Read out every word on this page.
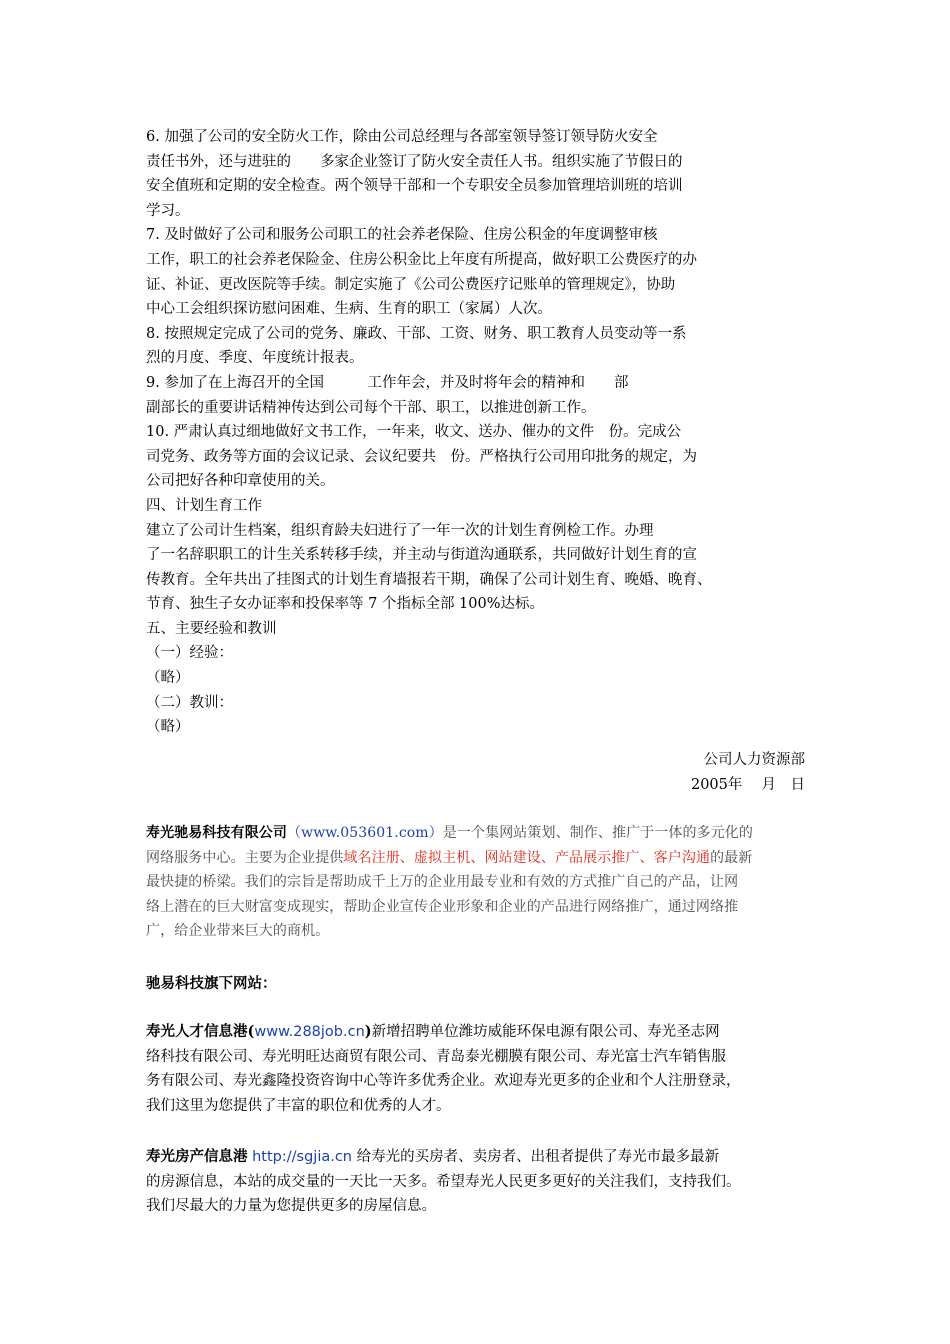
6. 加强了公司的安全防火工作，除由公司总经理与各部室领导签订领导防火安全
责任书外，还与进驻的　　多家企业签订了防火安全责任人书。组织实施了节假日的
安全值班和定期的安全检查。两个领导干部和一个专职安全员参加管理培训班的培训
学习。
7. 及时做好了公司和服务公司职工的社会养老保险、住房公积金的年度调整审核
工作，职工的社会养老保险金、住房公积金比上年度有所提高，做好职工公费医疗的办
证、补证、更改医院等手续。制定实施了《公司公费医疗记账单的管理规定》，协助
中心工会组织探访慰问困难、生病、生育的职工（家属）人次。
8. 按照规定完成了公司的党务、廉政、干部、工资、财务、职工教育人员变动等一系
烈的月度、季度、年度统计报表。
9. 参加了在上海召开的全国　　　工作年会，并及时将年会的精神和　　部
副部长的重要讲话精神传达到公司每个干部、职工，以推进创新工作。
10. 严肃认真过细地做好文书工作，一年来，收文、送办、催办的文件　份。完成公
司党务、政务等方面的会议记录、会议纪要共　份。严格执行公司用印批务的规定，为
公司把好各种印章使用的关。
四、计划生育工作
建立了公司计生档案，组织育龄夫妇进行了一年一次的计划生育例检工作。办理
了一名辞职职工的计生关系转移手续，并主动与街道沟通联系，共同做好计划生育的宣
传教育。全年共出了挂图式的计划生育墙报若干期，确保了公司计划生育、晚婚、晚育、
节育、独生子女办证率和投保率等 7 个指标全部 100%达标。
五、主要经验和教训
（一）经验：
（略）
（二）教训：
（略）
公司人力资源部
2005年　 月　日
寿光驰易科技有限公司（www.053601.com）是一个集网站策划、制作、推广于一体的多元化的
网络服务中心。主要为企业提供域名注册、虚拟主机、网站建设、产品展示推广、客户沟通的最新
最快捷的桥梁。我们的宗旨是帮助成千上万的企业用最专业和有效的方式推广自己的产品，让网
络上潜在的巨大财富变成现实，帮助企业宣传企业形象和企业的产品进行网络推广，通过网络推
广，给企业带来巨大的商机。
驰易科技旗下网站：
寿光人才信息港(www.288job.cn)新增招聘单位潍坊威能环保电源有限公司、寿光圣志网
络科技有限公司、寿光明旺达商贸有限公司、青岛泰光棚膜有限公司、寿光富士汽车销售服
务有限公司、寿光鑫隆投资咨询中心等许多优秀企业。欢迎寿光更多的企业和个人注册登录，
我们这里为您提供了丰富的职位和优秀的人才。
寿光房产信息港 http://sgjia.cn 给寿光的买房者、卖房者、出租者提供了寿光市最多最新
的房源信息，本站的成交量的一天比一天多。希望寿光人民更多更好的关注我们，支持我们。
我们尽最大的力量为您提供更多的房屋信息。
